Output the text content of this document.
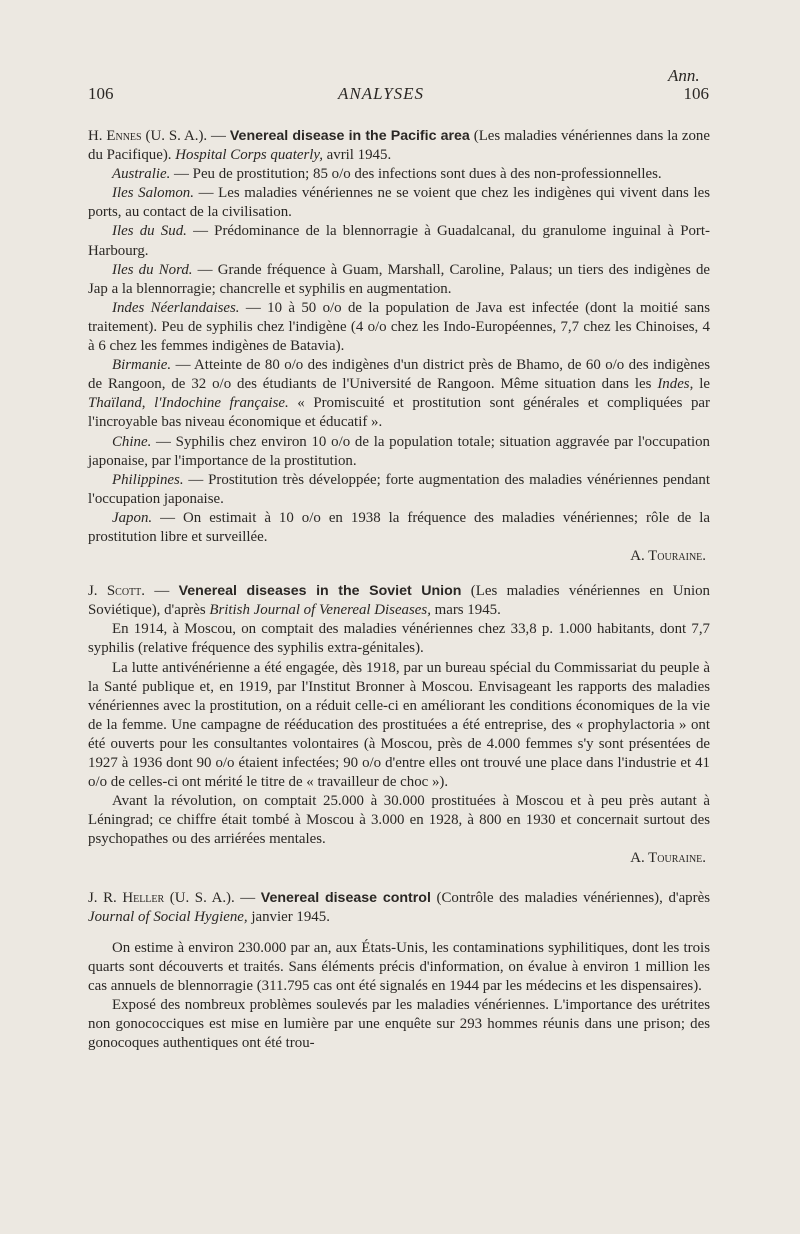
Ann.
106	ANALYSES	106

H. Ennes (U. S. A.). — Venereal disease in the Pacific area (Les maladies vénériennes dans la zone du Pacifique). Hospital Corps quaterly, avril 1945.

Australie. — Peu de prostitution; 85 o/o des infections sont dues à des non-professionnelles.

Iles Salomon. — Les maladies vénériennes ne se voient que chez les indigènes qui vivent dans les ports, au contact de la civilisation.

Iles du Sud. — Prédominance de la blennorragie à Guadalcanal, du granulome inguinal à Port-Harbourg.

Iles du Nord. — Grande fréquence à Guam, Marshall, Caroline, Palaus; un tiers des indigènes de Jap a la blennorragie; chancrelle et syphilis en augmentation.

Indes Néerlandaises. — 10 à 50 o/o de la population de Java est infectée (dont la moitié sans traitement). Peu de syphilis chez l'indigène (4 o/o chez les Indo-Européennes, 7,7 chez les Chinoises, 4 à 6 chez les femmes indigènes de Batavia).

Birmanie. — Atteinte de 80 o/o des indigènes d'un district près de Bhamo, de 60 o/o des indigènes de Rangoon, de 32 o/o des étudiants de l'Université de Rangoon. Même situation dans les Indes, le Thaïland, l'Indochine française. « Promiscuité et prostitution sont générales et compliquées par l'incroyable bas niveau économique et éducatif ».

Chine. — Syphilis chez environ 10 o/o de la population totale; situation aggravée par l'occupation japonaise, par l'importance de la prostitution.

Philippines. — Prostitution très développée; forte augmentation des maladies vénériennes pendant l'occupation japonaise.

Japon. — On estimait à 10 o/o en 1938 la fréquence des maladies vénériennes; rôle de la prostitution libre et surveillée.

A. Touraine.

J. Scott. — Venereal diseases in the Soviet Union (Les maladies vénériennes en Union Soviétique), d'après British Journal of Venereal Diseases, mars 1945.

En 1914, à Moscou, on comptait des maladies vénériennes chez 33,8 p. 1.000 habitants, dont 7,7 syphilis (relative fréquence des syphilis extra-génitales).

La lutte antivénérienne a été engagée, dès 1918, par un bureau spécial du Commissariat du peuple à la Santé publique et, en 1919, par l'Institut Bronner à Moscou. Envisageant les rapports des maladies vénériennes avec la prostitution, on a réduit celle-ci en améliorant les conditions économiques de la vie de la femme. Une campagne de rééducation des prostituées a été entreprise, des « prophylactoria » ont été ouverts pour les consultantes volontaires (à Moscou, près de 4.000 femmes s'y sont présentées de 1927 à 1936 dont 90 o/o étaient infectées; 90 o/o d'entre elles ont trouvé une place dans l'industrie et 41 o/o de celles-ci ont mérité le titre de « travailleur de choc »).

Avant la révolution, on comptait 25.000 à 30.000 prostituées à Moscou et à peu près autant à Léningrad; ce chiffre était tombé à Moscou à 3.000 en 1928, à 800 en 1930 et concernait surtout des psychopathes ou des arriérées mentales.

A. Touraine.

J. R. Heller (U. S. A.). — Venereal disease control (Contrôle des maladies vénériennes), d'après Journal of Social Hygiene, janvier 1945.

On estime à environ 230.000 par an, aux États-Unis, les contaminations syphilitiques, dont les trois quarts sont découverts et traités. Sans éléments précis d'information, on évalue à environ 1 million les cas annuels de blennorragie (311.795 cas ont été signalés en 1944 par les médecins et les dispensaires).

Exposé des nombreux problèmes soulevés par les maladies vénériennes. L'importance des urétrites non gonococciques est mise en lumière par une enquête sur 293 hommes réunis dans une prison; des gonocoques authentiques ont été trou-
